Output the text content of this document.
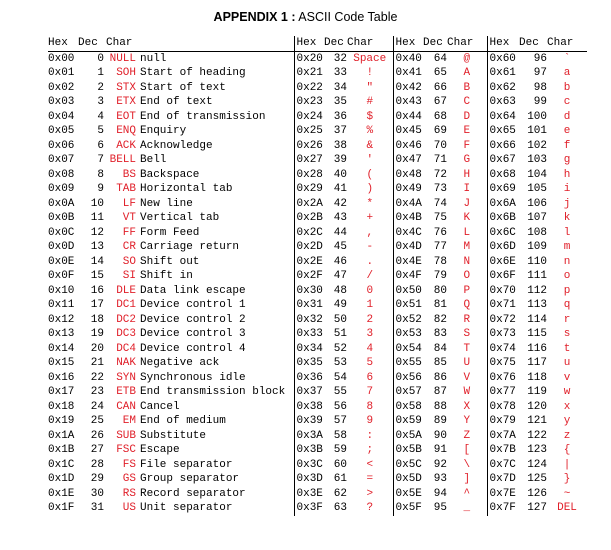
APPENDIX 1 : ASCII Code Table
Hex	Dec	Char		Hex	Dec	Char	Hex	Dec	Char	Hex	Dec	Char
0x00	0	NULL	null	0x20	32	Space	0x40	64	@	0x60	96	`
0x01	1	SOH	Start of heading	0x21	33	!	0x41	65	A	0x61	97	a
0x02	2	STX	Start of text	0x22	34	"	0x42	66	B	0x62	98	b
0x03	3	ETX	End of text	0x23	35	#	0x43	67	C	0x63	99	c
0x04	4	EOT	End of transmission	0x24	36	$	0x44	68	D	0x64	100	d
0x05	5	ENQ	Enquiry	0x25	37	%	0x45	69	E	0x65	101	e
0x06	6	ACK	Acknowledge	0x26	38	&	0x46	70	F	0x66	102	f
0x07	7	BELL	Bell	0x27	39	'	0x47	71	G	0x67	103	g
0x08	8	BS	Backspace	0x28	40	(	0x48	72	H	0x68	104	h
0x09	9	TAB	Horizontal tab	0x29	41	)	0x49	73	I	0x69	105	i
0x0A	10	LF	New line	0x2A	42	*	0x4A	74	J	0x6A	106	j
0x0B	11	VT	Vertical tab	0x2B	43	+	0x4B	75	K	0x6B	107	k
0x0C	12	FF	Form Feed	0x2C	44	,	0x4C	76	L	0x6C	108	l
0x0D	13	CR	Carriage return	0x2D	45	-	0x4D	77	M	0x6D	109	m
0x0E	14	SO	Shift out	0x2E	46	.	0x4E	78	N	0x6E	110	n
0x0F	15	SI	Shift in	0x2F	47	/	0x4F	79	O	0x6F	111	o
0x10	16	DLE	Data link escape	0x30	48	0	0x50	80	P	0x70	112	p
0x11	17	DC1	Device control 1	0x31	49	1	0x51	81	Q	0x71	113	q
0x12	18	DC2	Device control 2	0x32	50	2	0x52	82	R	0x72	114	r
0x13	19	DC3	Device control 3	0x33	51	3	0x53	83	S	0x73	115	s
0x14	20	DC4	Device control 4	0x34	52	4	0x54	84	T	0x74	116	t
0x15	21	NAK	Negative ack	0x35	53	5	0x55	85	U	0x75	117	u
0x16	22	SYN	Synchronous idle	0x36	54	6	0x56	86	V	0x76	118	v
0x17	23	ETB	End transmission block	0x37	55	7	0x57	87	W	0x77	119	w
0x18	24	CAN	Cancel	0x38	56	8	0x58	88	X	0x78	120	x
0x19	25	EM	End of medium	0x39	57	9	0x59	89	Y	0x79	121	y
0x1A	26	SUB	Substitute	0x3A	58	:	0x5A	90	Z	0x7A	122	z
0x1B	27	FSC	Escape	0x3B	59	;	0x5B	91	[	0x7B	123	{
0x1C	28	FS	File separator	0x3C	60	<	0x5C	92	\	0x7C	124	|
0x1D	29	GS	Group separator	0x3D	61	=	0x5D	93	]	0x7D	125	}
0x1E	30	RS	Record separator	0x3E	62	>	0x5E	94	^	0x7E	126	~
0x1F	31	US	Unit separator	0x3F	63	?	0x5F	95	_	0x7F	127	DEL
